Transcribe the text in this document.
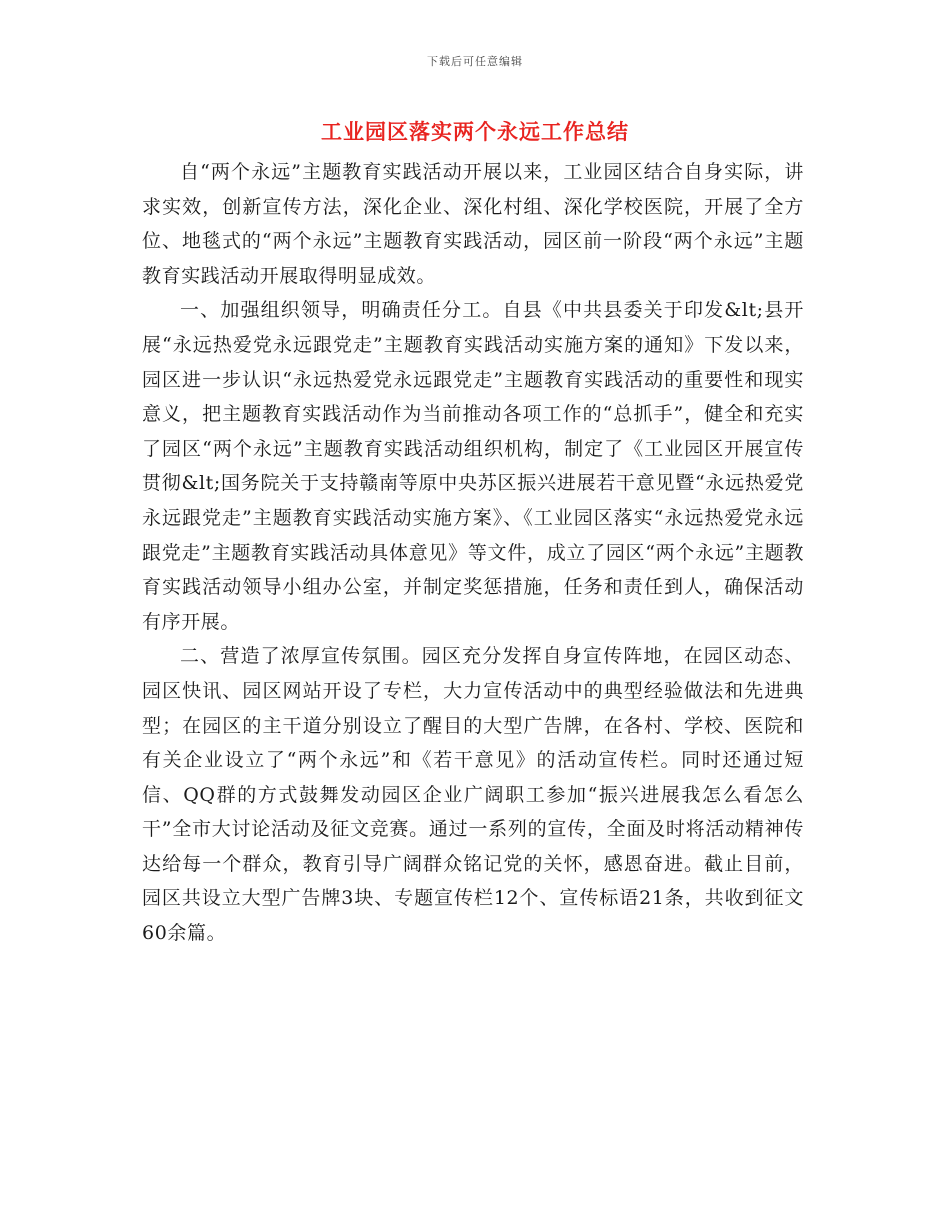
下载后可任意编辑
工业园区落实两个永远工作总结

自“两个永远”主题教育实践活动开展以来，工业园区结合自身实际，讲求实效，创新宣传方法，深化企业、深化村组、深化学校医院，开展了全方位、地毯式的“两个永远”主题教育实践活动，园区前一阶段“两个永远”主题教育实践活动开展取得明显成效。

一、加强组织领导，明确责任分工。自县《中共县委关于印发&lt;县开展“永远热爱党永远跟党走”主题教育实践活动实施方案的通知》下发以来，园区进一步认识“永远热爱党永远跟党走”主题教育实践活动的重要性和现实意义，把主题教育实践活动作为当前推动各项工作的“总抓手”，健全和充实了园区“两个永远”主题教育实践活动组织机构，制定了《工业园区开展宣传贯彻&lt;国务院关于支持赣南等原中央苏区振兴进展若干意见暨“永远热爱党永远跟党走”主题教育实践活动实施方案》、《工业园区落实“永远热爱党永远跟党走”主题教育实践活动具体意见》等文件，成立了园区“两个永远”主题教育实践活动领导小组办公室，并制定奖惩措施，任务和责任到人，确保活动有序开展。

二、营造了浓厚宣传氛围。园区充分发挥自身宣传阵地，在园区动态、园区快讯、园区网站开设了专栏，大力宣传活动中的典型经验做法和先进典型；在园区的主干道分别设立了醒目的大型广告牌，在各村、学校、医院和有关企业设立了“两个永远”和《若干意见》的活动宣传栏。同时还通过短信、QQ群的方式鼓舞发动园区企业广阔职工参加“振兴进展我怎么看怎么干”全市大讨论活动及征文竞赛。通过一系列的宣传，全面及时将活动精神传达给每一个群众，教育引导广阔群众铭记党的关怀，感恩奋进。截止目前，园区共设立大型广告牌3块、专题宣传栏12个、宣传标语21条，共收到征文60余篇。
